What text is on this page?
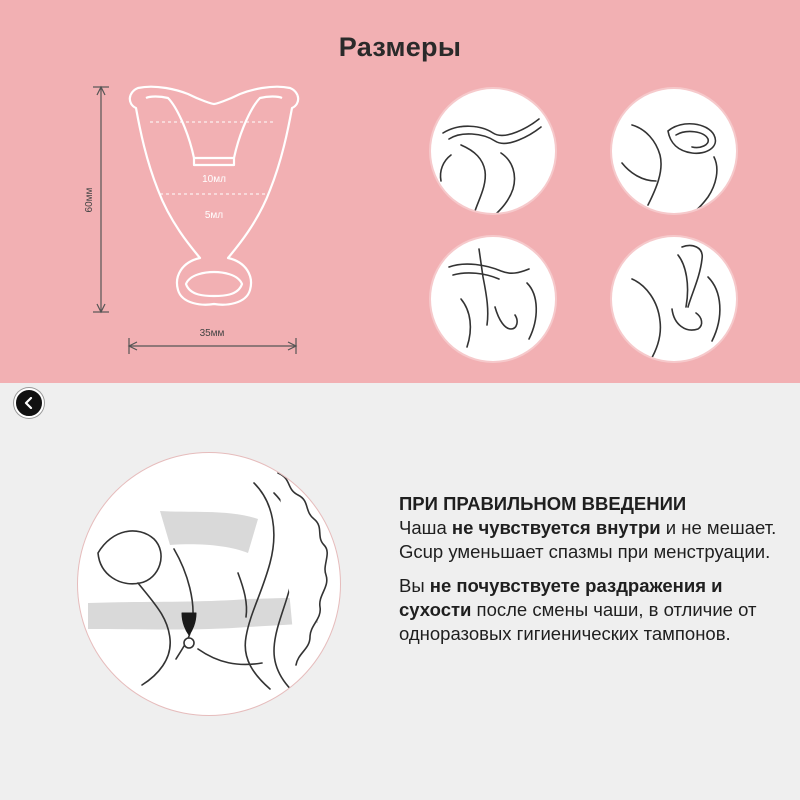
Размеры
60мм
35мм
10мл
5мл

ПРИ ПРАВИЛЬНОМ ВВЕДЕНИИ
Чаша не чувствуется внутри и не мешает. Gcup уменьшает спазмы при менструации.

Вы не почувствуете раздражения и сухости после смены чаши, в отличие от одноразовых гигиенических тампонов.
